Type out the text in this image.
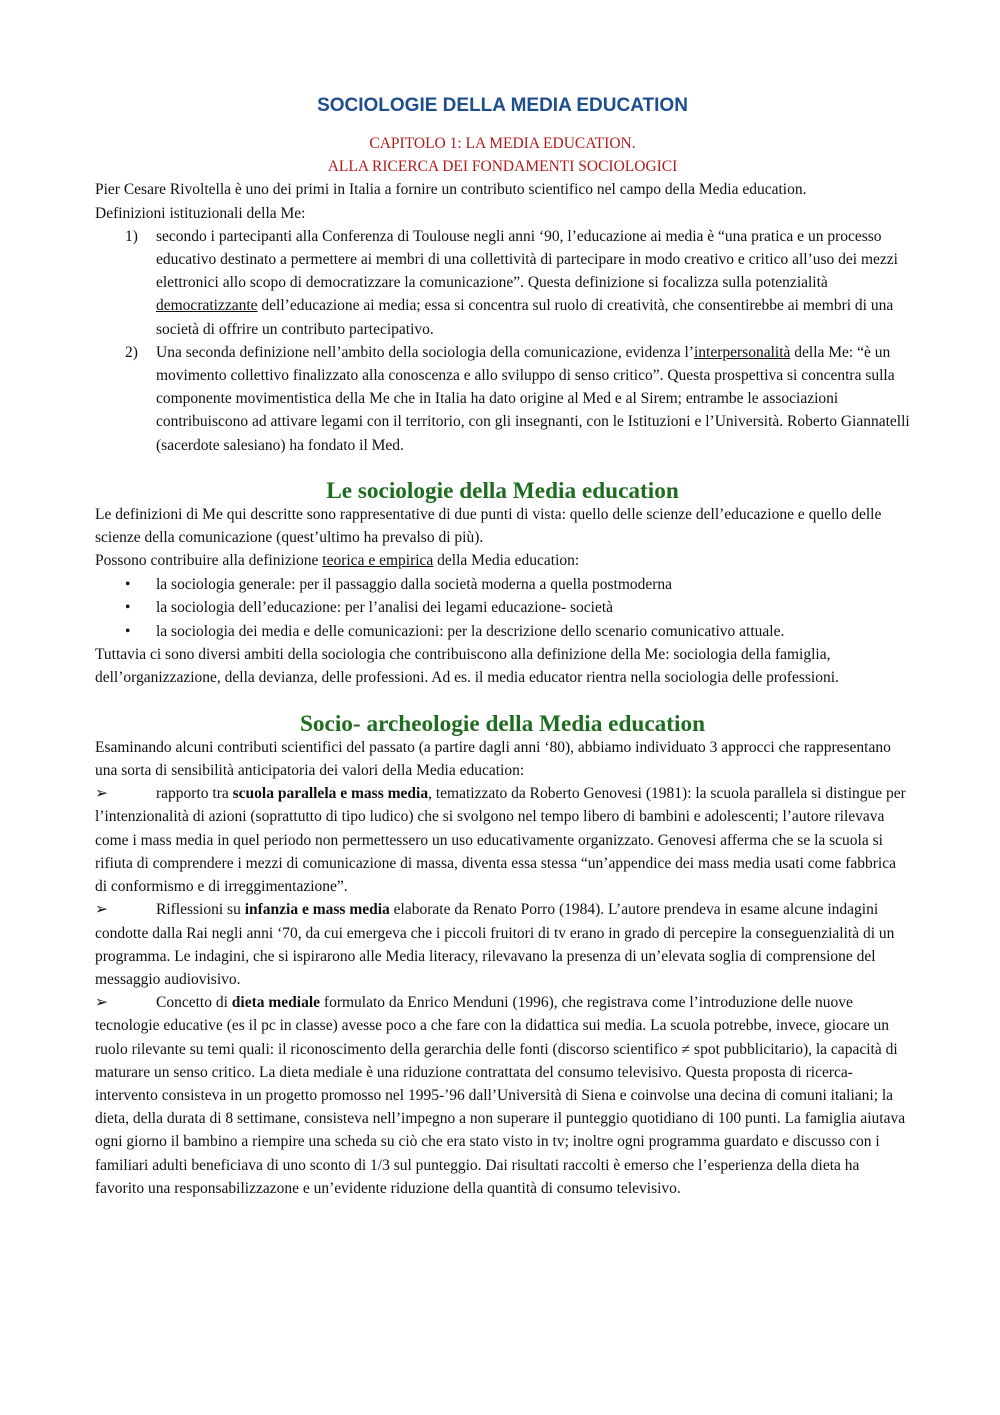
SOCIOLOGIE DELLA MEDIA EDUCATION

CAPITOLO 1: LA MEDIA EDUCATION.

ALLA RICERCA DEI FONDAMENTI SOCIOLOGICI

Pier Cesare Rivoltella è uno dei primi in Italia a fornire un contributo scientifico nel campo della Media education.

Definizioni istituzionali della Me:

1)	secondo i partecipanti alla Conferenza di Toulouse negli anni ‘90, l’educazione ai media è “una pratica e un processo educativo destinato a permettere ai membri di una collettività di partecipare in modo creativo e critico all’uso dei mezzi elettronici allo scopo di democratizzare la comunicazione”. Questa definizione si focalizza sulla potenzialità democratizzante dell’educazione ai media; essa si concentra sul ruolo di creatività, che consentirebbe ai membri di una società di offrire un contributo partecipativo.
2)	Una seconda definizione nell’ambito della sociologia della comunicazione, evidenza l’interpersonalità della Me: “è un movimento collettivo finalizzato alla conoscenza e allo sviluppo di senso critico”. Questa prospettiva si concentra sulla componente movimentistica della Me che in Italia ha dato origine al Med e al Sirem; entrambe le associazioni contribuiscono ad attivare legami con il territorio, con gli insegnanti, con le Istituzioni e l’Università. Roberto Giannatelli (sacerdote salesiano) ha fondato il Med.
Le sociologie della Media education

Le definizioni di Me qui descritte sono rappresentative di due punti di vista: quello delle scienze dell’educazione e quello delle scienze della comunicazione (quest’ultimo ha prevalso di più).

Possono contribuire alla definizione teorica e empirica della Media education:

•	la sociologia generale: per il passaggio dalla società moderna a quella postmoderna
•	la sociologia dell’educazione: per l’analisi dei legami educazione- società
•	la sociologia dei media e delle comunicazioni: per la descrizione dello scenario comunicativo attuale.

Tuttavia ci sono diversi ambiti della sociologia che contribuiscono alla definizione della Me: sociologia della famiglia, dell’organizzazione, della devianza, delle professioni. Ad es. il media educator rientra nella sociologia delle professioni.

Socio- archeologie della Media education

Esaminando alcuni contributi scientifici del passato (a partire dagli anni ‘80), abbiamo individuato 3 approcci che rappresentano una sorta di sensibilità anticipatoria dei valori della Media education:

➢	rapporto tra scuola parallela e mass media, tematizzato da Roberto Genovesi (1981): la scuola parallela si distingue per l’intenzionalità di azioni (soprattutto di tipo ludico) che si svolgono nel tempo libero di bambini e adolescenti; l’autore rilevava come i mass media in quel periodo non permettessero un uso educativamente organizzato. Genovesi afferma che se la scuola si rifiuta di comprendere i mezzi di comunicazione di massa, diventa essa stessa “un’appendice dei mass media usati come fabbrica di conformismo e di irreggimentazione”.

➢	Riflessioni su infanzia e mass media elaborate da Renato Porro (1984). L’autore prendeva in esame alcune indagini condotte dalla Rai negli anni ‘70, da cui emergeva che i piccoli fruitori di tv erano in grado di percepire la conseguenzialità di un programma. Le indagini, che si ispirarono alle Media literacy, rilevavano la presenza di un’elevata soglia di comprensione del messaggio audiovisivo.

➢	Concetto di dieta mediale formulato da Enrico Menduni (1996), che registrava come l’introduzione delle nuove tecnologie educative (es il pc in classe) avesse poco a che fare con la didattica sui media. La scuola potrebbe, invece, giocare un ruolo rilevante su temi quali: il riconoscimento della gerarchia delle fonti (discorso scientifico ≠ spot pubblicitario), la capacità di maturare un senso critico. La dieta mediale è una riduzione contrattata del consumo televisivo. Questa proposta di ricerca- intervento consisteva in un progetto promosso nel 1995-’96 dall’Università di Siena e coinvolse una decina di comuni italiani; la dieta, della durata di 8 settimane, consisteva nell’impegno a non superare il punteggio quotidiano di 100 punti. La famiglia aiutava ogni giorno il bambino a riempire una scheda su ciò che era stato visto in tv; inoltre ogni programma guardato e discusso con i familiari adulti beneficiava di uno sconto di 1/3 sul punteggio. Dai risultati raccolti è emerso che l’esperienza della dieta ha favorito una responsabilizzazone e un’evidente riduzione della quantità di consumo televisivo.
